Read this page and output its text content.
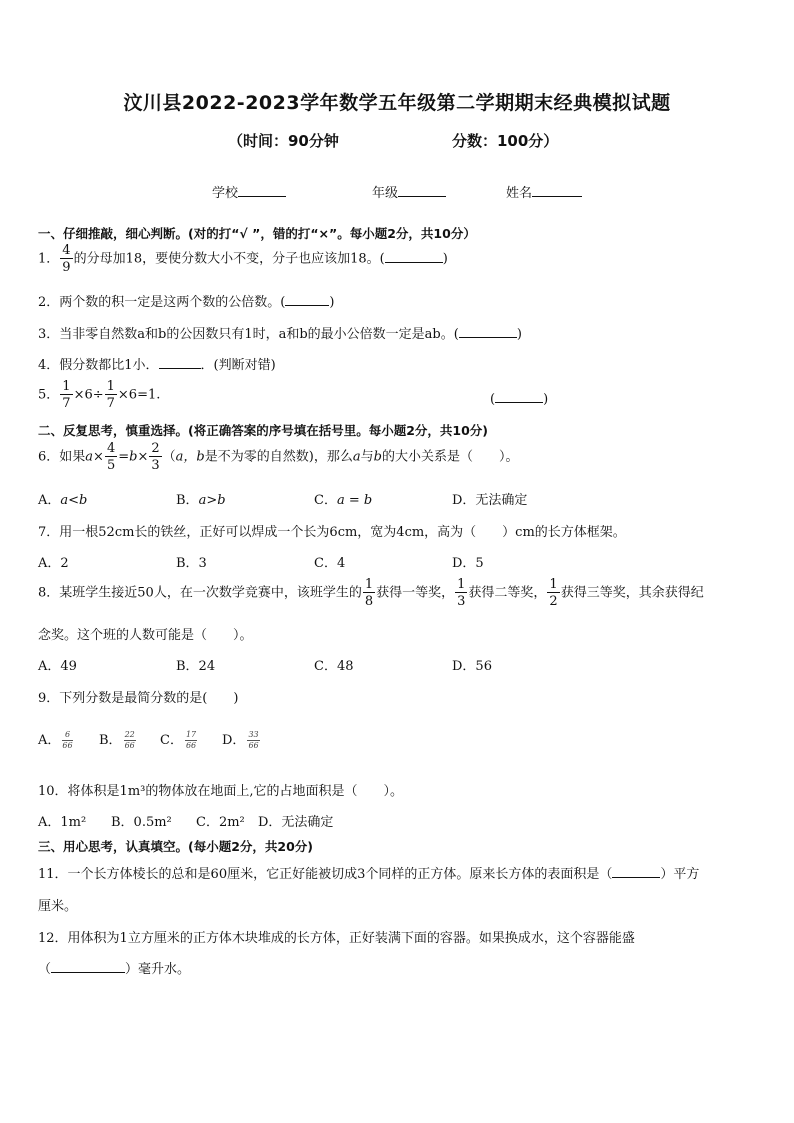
汶川县2022-2023学年数学五年级第二学期期末经典模拟试题
（时间：90分钟	分数：100分）
学校	年级	姓名
一、仔细推敲，细心判断。(对的打“√ ”，错的打“×”。每小题2分，共10分）
1． $\frac{4}{9}$ 的分母加18，要使分数大小不变，分子也应该加18。(	)
2．两个数的积一定是这两个数的公倍数。(	)
3．当非零自然数a和b的公因数只有1时，a和b的最小公倍数一定是ab。(	)
4．假分数都比1小．	．(判断对错)
5． $\frac{1}{7} \times 6\div \frac{1}{7} \times 6=1$.	(	)
二、反复思考，慎重选择。(将正确答案的序号填在括号里。每小题2分，共10分)
6．如果$a\times \frac{4}{5} =b\times \frac{2}{3} (a$，b是不为零的自然数)，那么a与b的大小关系是（　　）。
A．a<b	B．a>b	C．a = b	D．无法确定
7．用一根52cm长的铁丝，正好可以焊成一个长为6cm，宽为4cm，高为（　　）cm的长方体框架。
A．2	B．3	C．4	D．5
8．某班学生接近50人，在一次数学竞赛中，该班学生的 $\frac{1}{8}$ 获得一等奖， $\frac{1}{3}$ 获得二等奖， $\frac{1}{2}$ 获得三等奖，其余获得纪
念奖。这个班的人数可能是（　　）。
A．49	B．24	C．48	D．56
9．下列分数是最简分数的是(　　)
A． $\frac{6}{66}$ B． $\frac{22}{66}$ C． $\frac{17}{66}$ D． $\frac{33}{66}$
10．将体积是1m³的物体放在地面上,它的占地面积是（　　）。
A．1m² B．0.5m² C．2m² D．无法确定
三、用心思考，认真填空。(每小题2分，共20分)
11．一个长方体棱长的总和是60厘米，它正好能被切成3个同样的正方体。原来长方体的表面积是（	）平方
厘米。
12．用体积为1立方厘米的正方体木块堆成的长方体，正好装满下面的容器。如果换成水，这个容器能盛
（	）毫升水。
